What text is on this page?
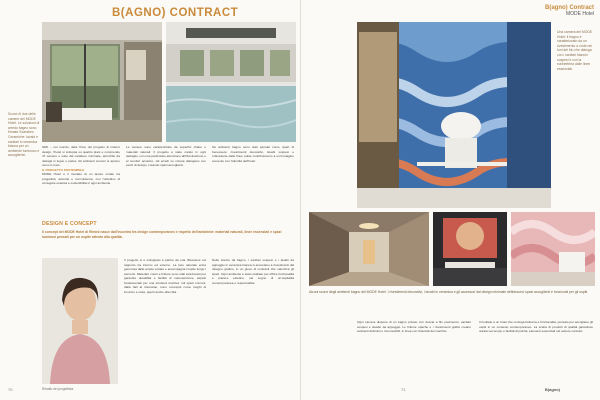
B(AGNO) CONTRACT
Scorci di due delle camere del MODE Hotel. Le soluzioni di arredo bagno sono firmate Scarabeo Ceramiche: lavabi e sanitari in ceramica bianca per un ambiente luminoso e accogliente.
SDK – nel mondo, delle firme del progetto di interior design, l'hotel si sviluppa su quattro piani e comprende 47 camere e suite dal carattere minimale, arricchite da dettagli in legno e pietra. Gli ambienti comuni si aprono verso il mare.
IL PROGETTO SOSTENIBILE
MODE Hotel è il risultato di un lavoro corale tra progettisti, aziende e committenza, con l'obiettivo di coniugare estetica e sostenibilità in ogni ambiente.
Le camere sono caratterizzate da superfici chiare e materiali naturali. Il progetto è stato curato in ogni dettaglio, con una particolare attenzione all'illuminazione e al comfort acustico. Gli arredi su misura dialogano con pezzi di design, creando spazi accoglienti.
Gli ambienti bagno sono stati pensati come spazi di benessere: rivestimenti decorativi, lavabi sospesi e rubinetterie dalle linee pulite contribuiscono a un'immagine coerente con l'identità dell'hotel.
DESIGN E CONCEPT
Il concept del MODE Hotel di Rimini nasce dall'incontro tra design contemporaneo e rispetto dell'ambiente: materiali naturali, linee essenziali e spazi luminosi pensati per un ospite attento alla qualità.
Ritratto del progettista.
Il progetto si è sviluppato a partire da una riflessione sul rapporto tra interno ed esterno. La luce naturale entra generosa dalle ampie vetrate e accompagna l'ospite lungo i percorsi. Materiali, colori e finiture sono stati selezionati per garantire durabilità e facilità di manutenzione, aspetti fondamentali per una struttura ricettiva. Gli spazi comuni, dalla hall al ristorante, sono concepiti come luoghi di incontro e relax, aperti anche alla città.
Nelle stanze da bagno, i sanitari sospesi e i lavabi da appoggio in ceramica bianca si accostano a rivestimenti dal disegno grafico, in un gioco di contrasti che valorizza gli spazi. Ogni ambiente è stato studiato per offrire funzionalità e piacere estetico, nel segno di un'ospitalità contemporanea e responsabile.
70
B(agno) Contract
MODE Hotel
Una camera del MODE Hotel: il bagno è caratterizzato da un rivestimento a onde nei toni del blu che dialoga con i sanitari bianchi sospesi e con la rubinetteria dalle linee essenziali.
Alcuni scorci degli ambienti bagno del MODE Hotel. I rivestimenti decorativi, i lavabi in ceramica e gli accessori dal design minimale definiscono spazi accoglienti e funzionali per gli ospiti.
Ogni camera dispone di un bagno privato con doccia a filo pavimento, sanitari sospesi e lavabo da appoggio. Le finiture opache e i rivestimenti grafici creano ambienti distintivi e riconoscibili, in linea con l'identità del marchio.
Il risultato è un hotel che coniuga bellezza e funzionalità, pensato per accogliere gli ospiti in un contesto contemporaneo. La scelta di prodotti di qualità garantisce durata nel tempo e facilità di pulizia, elementi essenziali nel settore contract.
71	B(agno)
